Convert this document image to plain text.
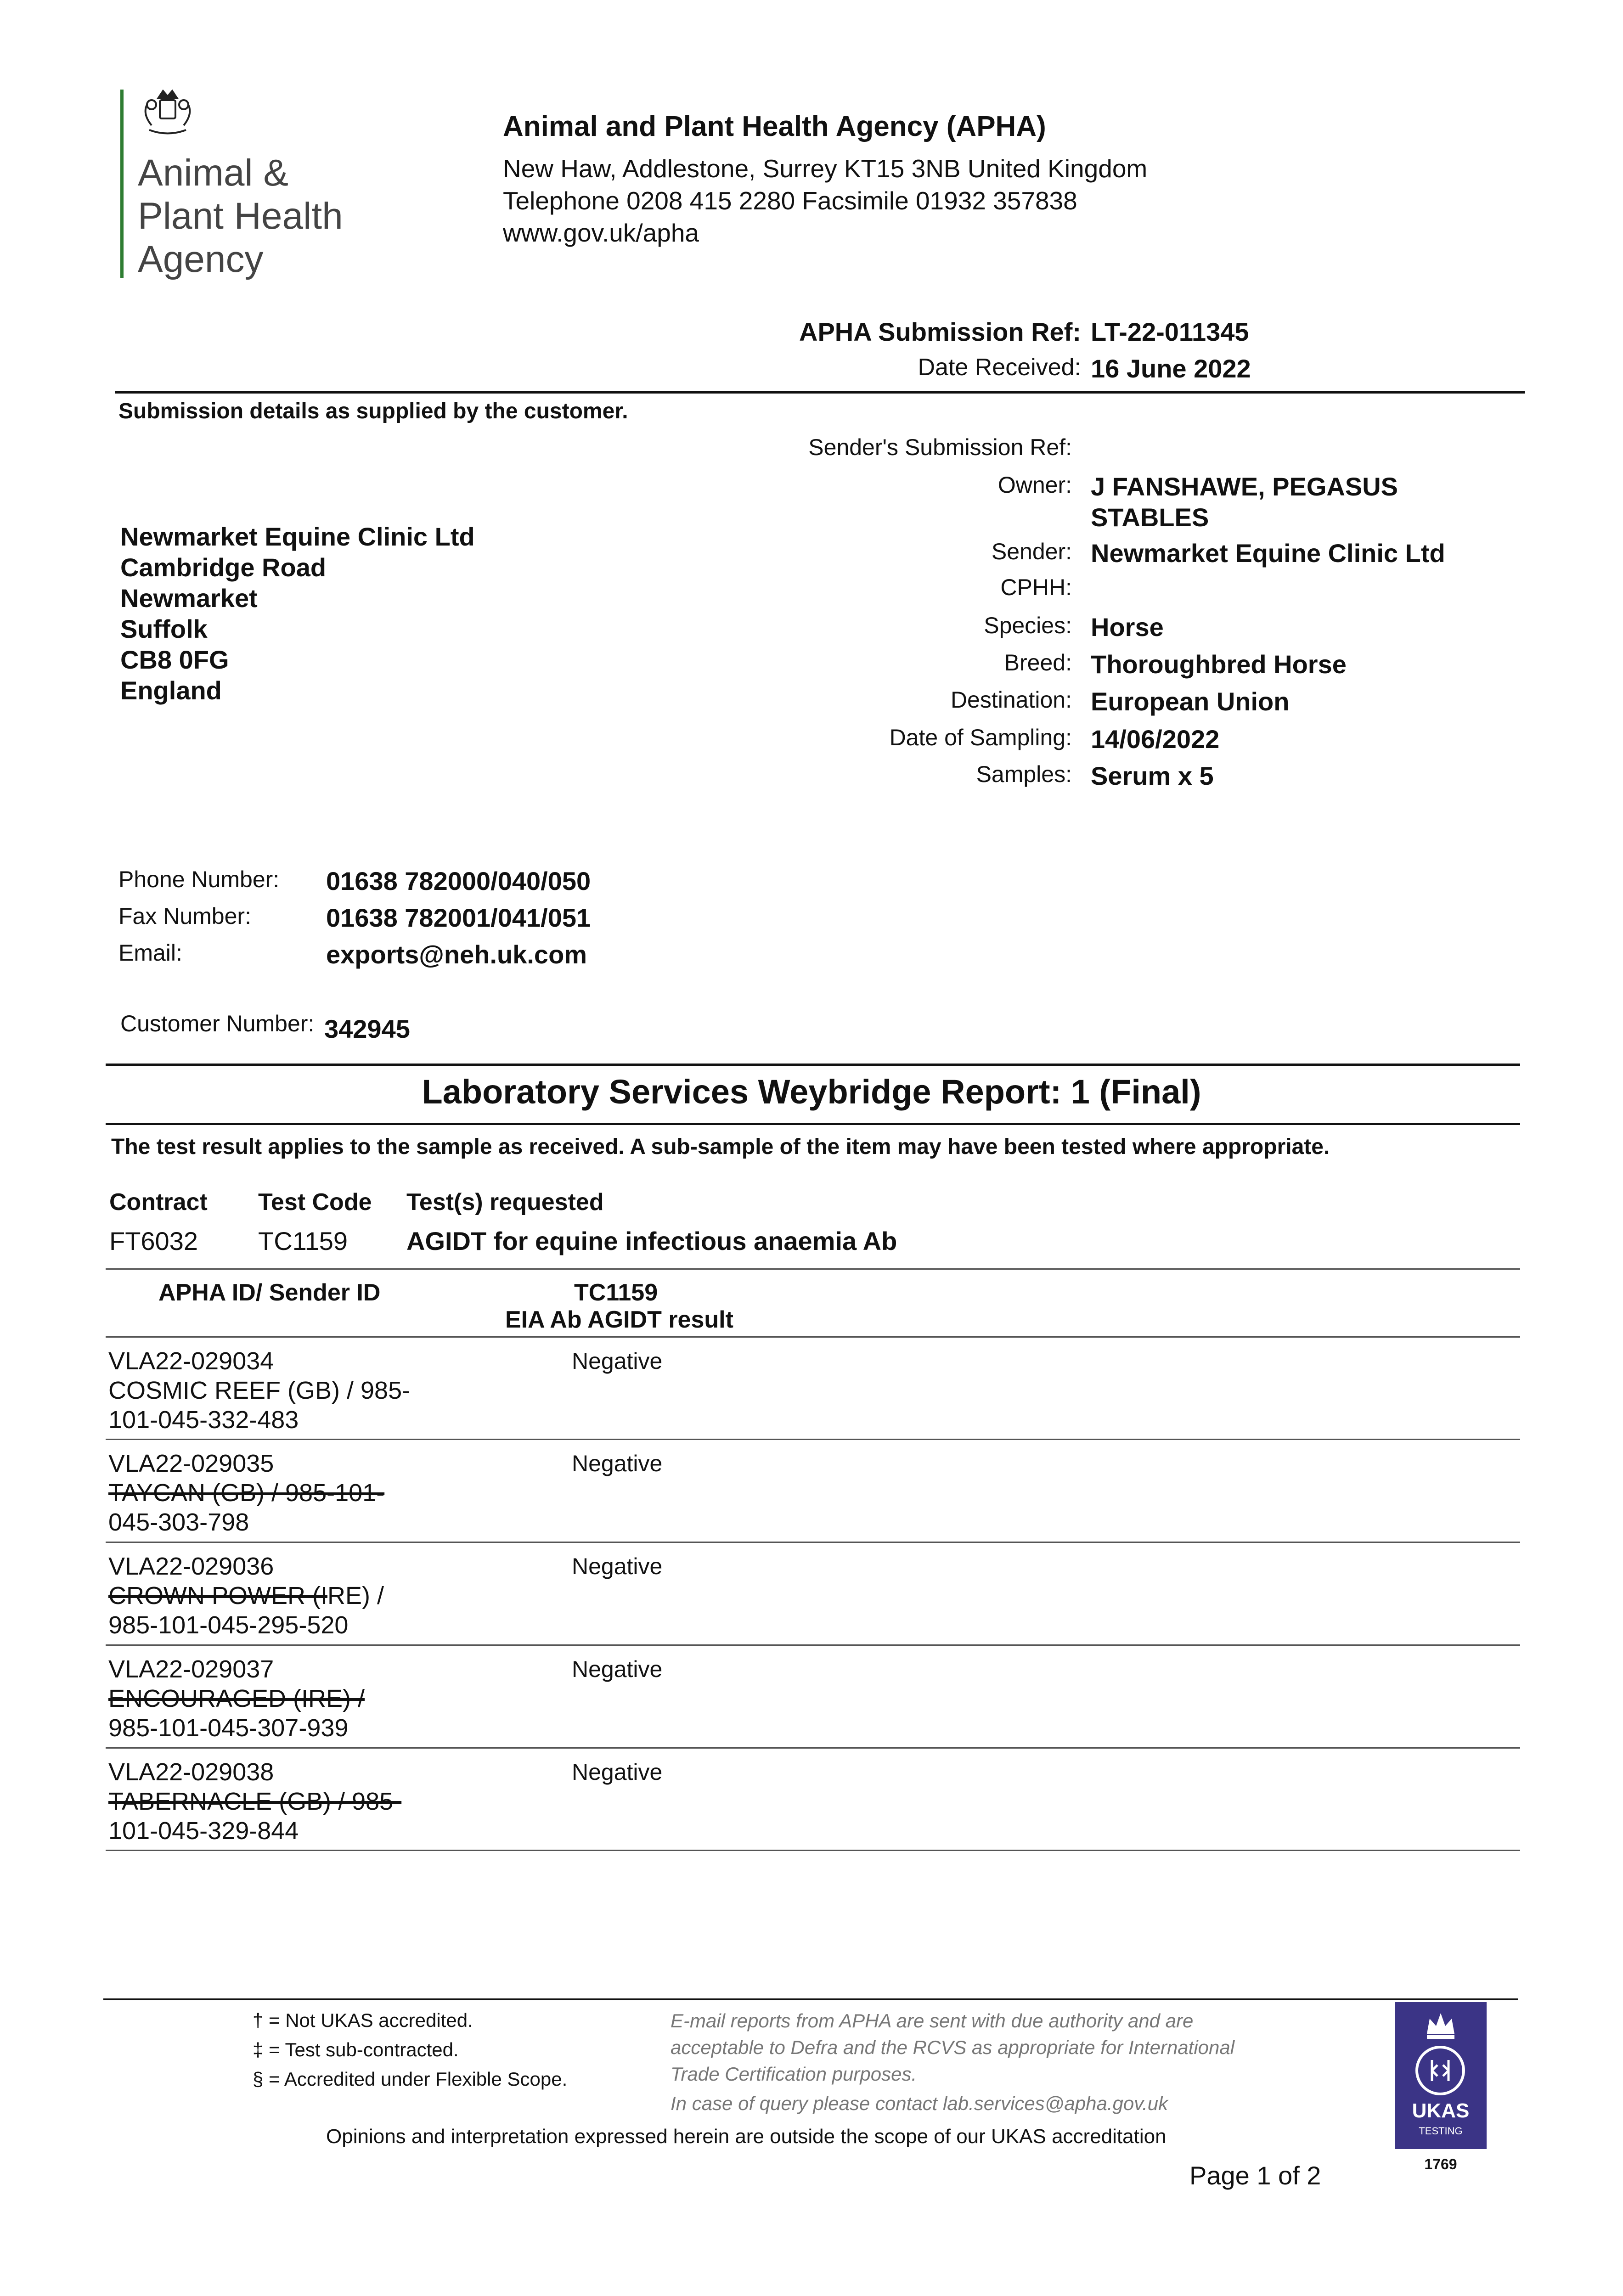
Animal &
Plant Health
Agency
Animal and Plant Health Agency (APHA)
New Haw, Addlestone, Surrey KT15 3NB United Kingdom
Telephone 0208 415 2280 Facsimile 01932 357838
www.gov.uk/apha
APHA Submission Ref: LT-22-011345
Date Received: 16 June 2022
Submission details as supplied by the customer.
Sender's Submission Ref:
Owner: J FANSHAWE, PEGASUS
STABLES
Sender: Newmarket Equine Clinic Ltd
CPHH:
Species: Horse
Breed: Thoroughbred Horse
Destination: European Union
Date of Sampling: 14/06/2022
Samples: Serum x 5
Newmarket Equine Clinic Ltd
Cambridge Road
Newmarket
Suffolk
CB8 0FG
England
Phone Number: 01638 782000/040/050
Fax Number:	01638 782001/041/051
Email:	exports@neh.uk.com
Customer Number: 342945
Laboratory Services Weybridge Report: 1 (Final)
The test result applies to the sample as received. A sub-sample of the item may have been tested where appropriate.
Contract Test Code Test(s) requested
FT6032 TC1159 AGIDT for equine infectious anaemia Ab
APHA ID/ Sender ID	TC1159
EIA Ab AGIDT result
VLA22-029034
COSMIC REEF (GB) / 985-
101-045-332-483
Negative
VLA22-029035
TAYCAN (GB) / 985-101-
045-303-798
Negative
VLA22-029036
CROWN POWER (IRE) /
985-101-045-295-520
Negative
VLA22-029037
ENCOURAGED (IRE) /
985-101-045-307-939
Negative
VLA22-029038
TABERNACLE (GB) / 985-
101-045-329-844
Negative
† = Not UKAS accredited.
‡ = Test sub-contracted.
§ = Accredited under Flexible Scope.
E-mail reports from APHA are sent with due authority and are
acceptable to Defra and the RCVS as appropriate for International
Trade Certification purposes.
In case of query please contact lab.services@apha.gov.uk
Opinions and interpretation expressed herein are outside the scope of our UKAS accreditation
Page 1 of 2
UKAS
TESTING
1769
